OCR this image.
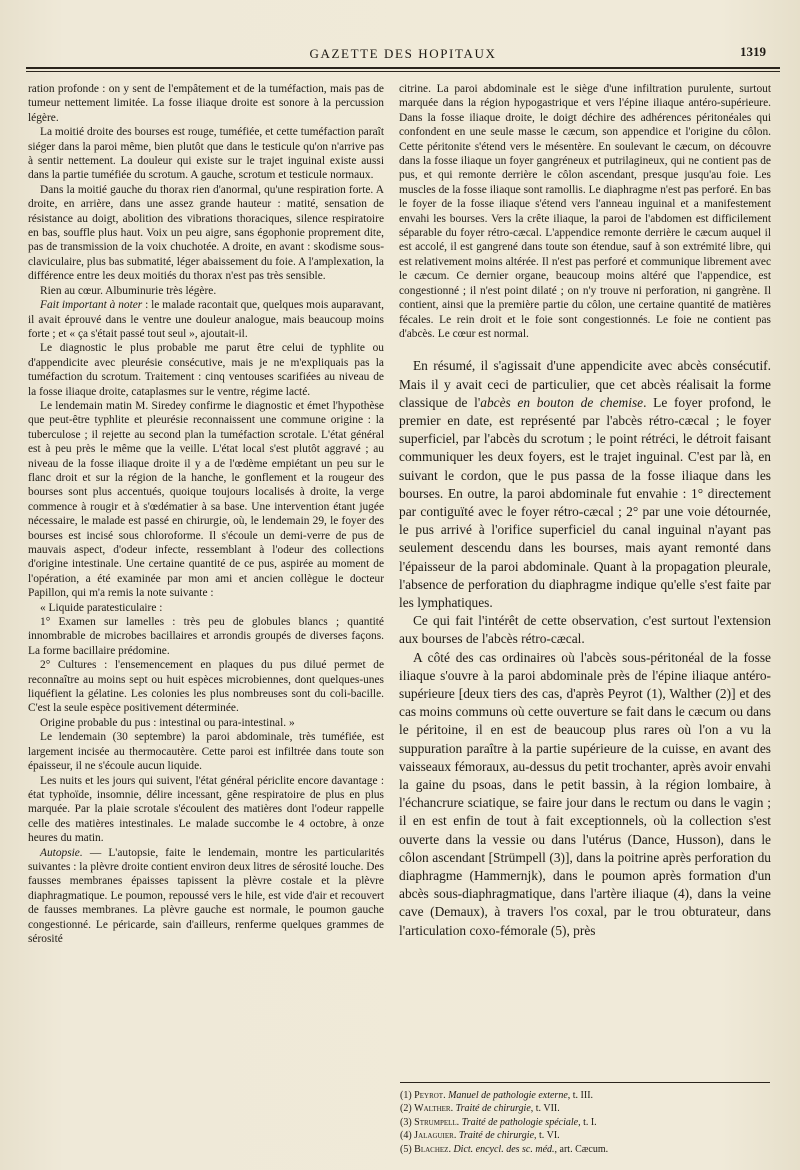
GAZETTE DES HOPITAUX	1319

ration profonde : on y sent de l'empâtement et de la tuméfaction, mais pas de tumeur nettement limitée. La fosse iliaque droite est sonore à la percussion légère.

La moitié droite des bourses est rouge, tuméfiée, et cette tuméfaction paraît siéger dans la paroi même, bien plutôt que dans le testicule qu'on n'arrive pas à sentir nettement. La douleur qui existe sur le trajet inguinal existe aussi dans la partie tuméfiée du scrotum. A gauche, scrotum et testicule normaux.

Dans la moitié gauche du thorax rien d'anormal, qu'une respiration forte. A droite, en arrière, dans une assez grande hauteur : matité, sensation de résistance au doigt, abolition des vibrations thoraciques, silence respiratoire en bas, souffle plus haut. Voix un peu aigre, sans égophonie proprement dite, pas de transmission de la voix chuchotée. A droite, en avant : skodisme sous-claviculaire, plus bas submatité, léger abaissement du foie. A l'amplexation, la différence entre les deux moitiés du thorax n'est pas très sensible.

Rien au cœur. Albuminurie très légère.

Fait important à noter : le malade racontait que, quelques mois auparavant, il avait éprouvé dans le ventre une douleur analogue, mais beaucoup moins forte ; et « ça s'était passé tout seul », ajoutait-il.

Le diagnostic le plus probable me parut être celui de typhlite ou d'appendicite avec pleurésie consécutive, mais je ne m'expliquais pas la tuméfaction du scrotum. Traitement : cinq ventouses scarifiées au niveau de la fosse iliaque droite, cataplasmes sur le ventre, régime lacté.

Le lendemain matin M. Siredey confirme le diagnostic et émet l'hypothèse que peut-être typhlite et pleurésie reconnaissent une commune origine : la tuberculose ; il rejette au second plan la tuméfaction scrotale. L'état général est à peu près le même que la veille. L'état local s'est plutôt aggravé ; au niveau de la fosse iliaque droite il y a de l'œdème empiétant un peu sur le flanc droit et sur la région de la hanche, le gonflement et la rougeur des bourses sont plus accentués, quoique toujours localisés à droite, la verge commence à rougir et à s'œdématier à sa base. Une intervention étant jugée nécessaire, le malade est passé en chirurgie, où, le lendemain 29, le foyer des bourses est incisé sous chloroforme. Il s'écoule un demi-verre de pus de mauvais aspect, d'odeur infecte, ressemblant à l'odeur des collections d'origine intestinale. Une certaine quantité de ce pus, aspirée au moment de l'opération, a été examinée par mon ami et ancien collègue le docteur Papillon, qui m'a remis la note suivante :

« Liquide paratesticulaire :

1° Examen sur lamelles : très peu de globules blancs ; quantité innombrable de microbes bacillaires et arrondis groupés de diverses façons. La forme bacillaire prédomine.

2° Cultures : l'ensemencement en plaques du pus dilué permet de reconnaître au moins sept ou huit espèces microbiennes, dont quelques-unes liquéfient la gélatine. Les colonies les plus nombreuses sont du coli-bacille. C'est la seule espèce positivement déterminée.

Origine probable du pus : intestinal ou para-intestinal. »

Le lendemain (30 septembre) la paroi abdominale, très tuméfiée, est largement incisée au thermocautère. Cette paroi est infiltrée dans toute son épaisseur, il ne s'écoule aucun liquide.

Les nuits et les jours qui suivent, l'état général périclite encore davantage : état typhoïde, insomnie, délire incessant, gêne respiratoire de plus en plus marquée. Par la plaie scrotale s'écoulent des matières dont l'odeur rappelle celle des matières intestinales. Le malade succombe le 4 octobre, à onze heures du matin.

Autopsie. — L'autopsie, faite le lendemain, montre les particularités suivantes : la plèvre droite contient environ deux litres de sérosité louche. Des fausses membranes épaisses tapissent la plèvre costale et la plèvre diaphragmatique. Le poumon, repoussé vers le hile, est vide d'air et recouvert de fausses membranes. La plèvre gauche est normale, le poumon gauche congestionné. Le péricarde, sain d'ailleurs, renferme quelques grammes de sérosité

citrine. La paroi abdominale est le siège d'une infiltration purulente, surtout marquée dans la région hypogastrique et vers l'épine iliaque antéro-supérieure. Dans la fosse iliaque droite, le doigt déchire des adhérences péritonéales qui confondent en une seule masse le cæcum, son appendice et l'origine du côlon. Cette péritonite s'étend vers le mésentère. En soulevant le cæcum, on découvre dans la fosse iliaque un foyer gangréneux et putrilagineux, qui ne contient pas de pus, et qui remonte derrière le côlon ascendant, presque jusqu'au foie. Les muscles de la fosse iliaque sont ramollis. Le diaphragme n'est pas perforé. En bas le foyer de la fosse iliaque s'étend vers l'anneau inguinal et a manifestement envahi les bourses. Vers la crête iliaque, la paroi de l'abdomen est difficilement séparable du foyer rétro-cæcal. L'appendice remonte derrière le cæcum auquel il est accolé, il est gangrené dans toute son étendue, sauf à son extrémité libre, qui est relativement moins altérée. Il n'est pas perforé et communique librement avec le cæcum. Ce dernier organe, beaucoup moins altéré que l'appendice, est congestionné ; il n'est point dilaté ; on n'y trouve ni perforation, ni gangrène. Il contient, ainsi que la première partie du côlon, une certaine quantité de matières fécales. Le rein droit et le foie sont congestionnés. Le foie ne contient pas d'abcès. Le cœur est normal.

En résumé, il s'agissait d'une appendicite avec abcès consécutif. Mais il y avait ceci de particulier, que cet abcès réalisait la forme classique de l'abcès en bouton de chemise. Le foyer profond, le premier en date, est représenté par l'abcès rétro-cæcal ; le foyer superficiel, par l'abcès du scrotum ; le point rétréci, le détroit faisant communiquer les deux foyers, est le trajet inguinal. C'est par là, en suivant le cordon, que le pus passa de la fosse iliaque dans les bourses. En outre, la paroi abdominale fut envahie : 1° directement par contiguïté avec le foyer rétro-cæcal ; 2° par une voie détournée, le pus arrivé à l'orifice superficiel du canal inguinal n'ayant pas seulement descendu dans les bourses, mais ayant remonté dans l'épaisseur de la paroi abdominale. Quant à la propagation pleurale, l'absence de perforation du diaphragme indique qu'elle s'est faite par les lymphatiques.

Ce qui fait l'intérêt de cette observation, c'est surtout l'extension aux bourses de l'abcès rétro-cæcal.

A côté des cas ordinaires où l'abcès sous-péritonéal de la fosse iliaque s'ouvre à la paroi abdominale près de l'épine iliaque antéro-supérieure [deux tiers des cas, d'après Peyrot (1), Walther (2)] et des cas moins communs où cette ouverture se fait dans le cæcum ou dans le péritoine, il en est de beaucoup plus rares où l'on a vu la suppuration paraître à la partie supérieure de la cuisse, en avant des vaisseaux fémoraux, au-dessus du petit trochanter, après avoir envahi la gaine du psoas, dans le petit bassin, à la région lombaire, à l'échancrure sciatique, se faire jour dans le rectum ou dans le vagin ; il en est enfin de tout à fait exceptionnels, où la collection s'est ouverte dans la vessie ou dans l'utérus (Dance, Husson), dans le côlon ascendant [Strümpell (3)], dans la poitrine après perforation du diaphragme (Hammernjk), dans le poumon après formation d'un abcès sous-diaphragmatique, dans l'artère iliaque (4), dans la veine cave (Demaux), à travers l'os coxal, par le trou obturateur, dans l'articulation coxo-fémorale (5), près

(1) Peyrot. Manuel de pathologie externe, t. III.
(2) Walther. Traité de chirurgie, t. VII.
(3) Strumpell. Traité de pathologie spéciale, t. I.
(4) Jalaguier. Traité de chirurgie, t. VI.
(5) Blachez. Dict. encycl. des sc. méd., art. Cæcum.
